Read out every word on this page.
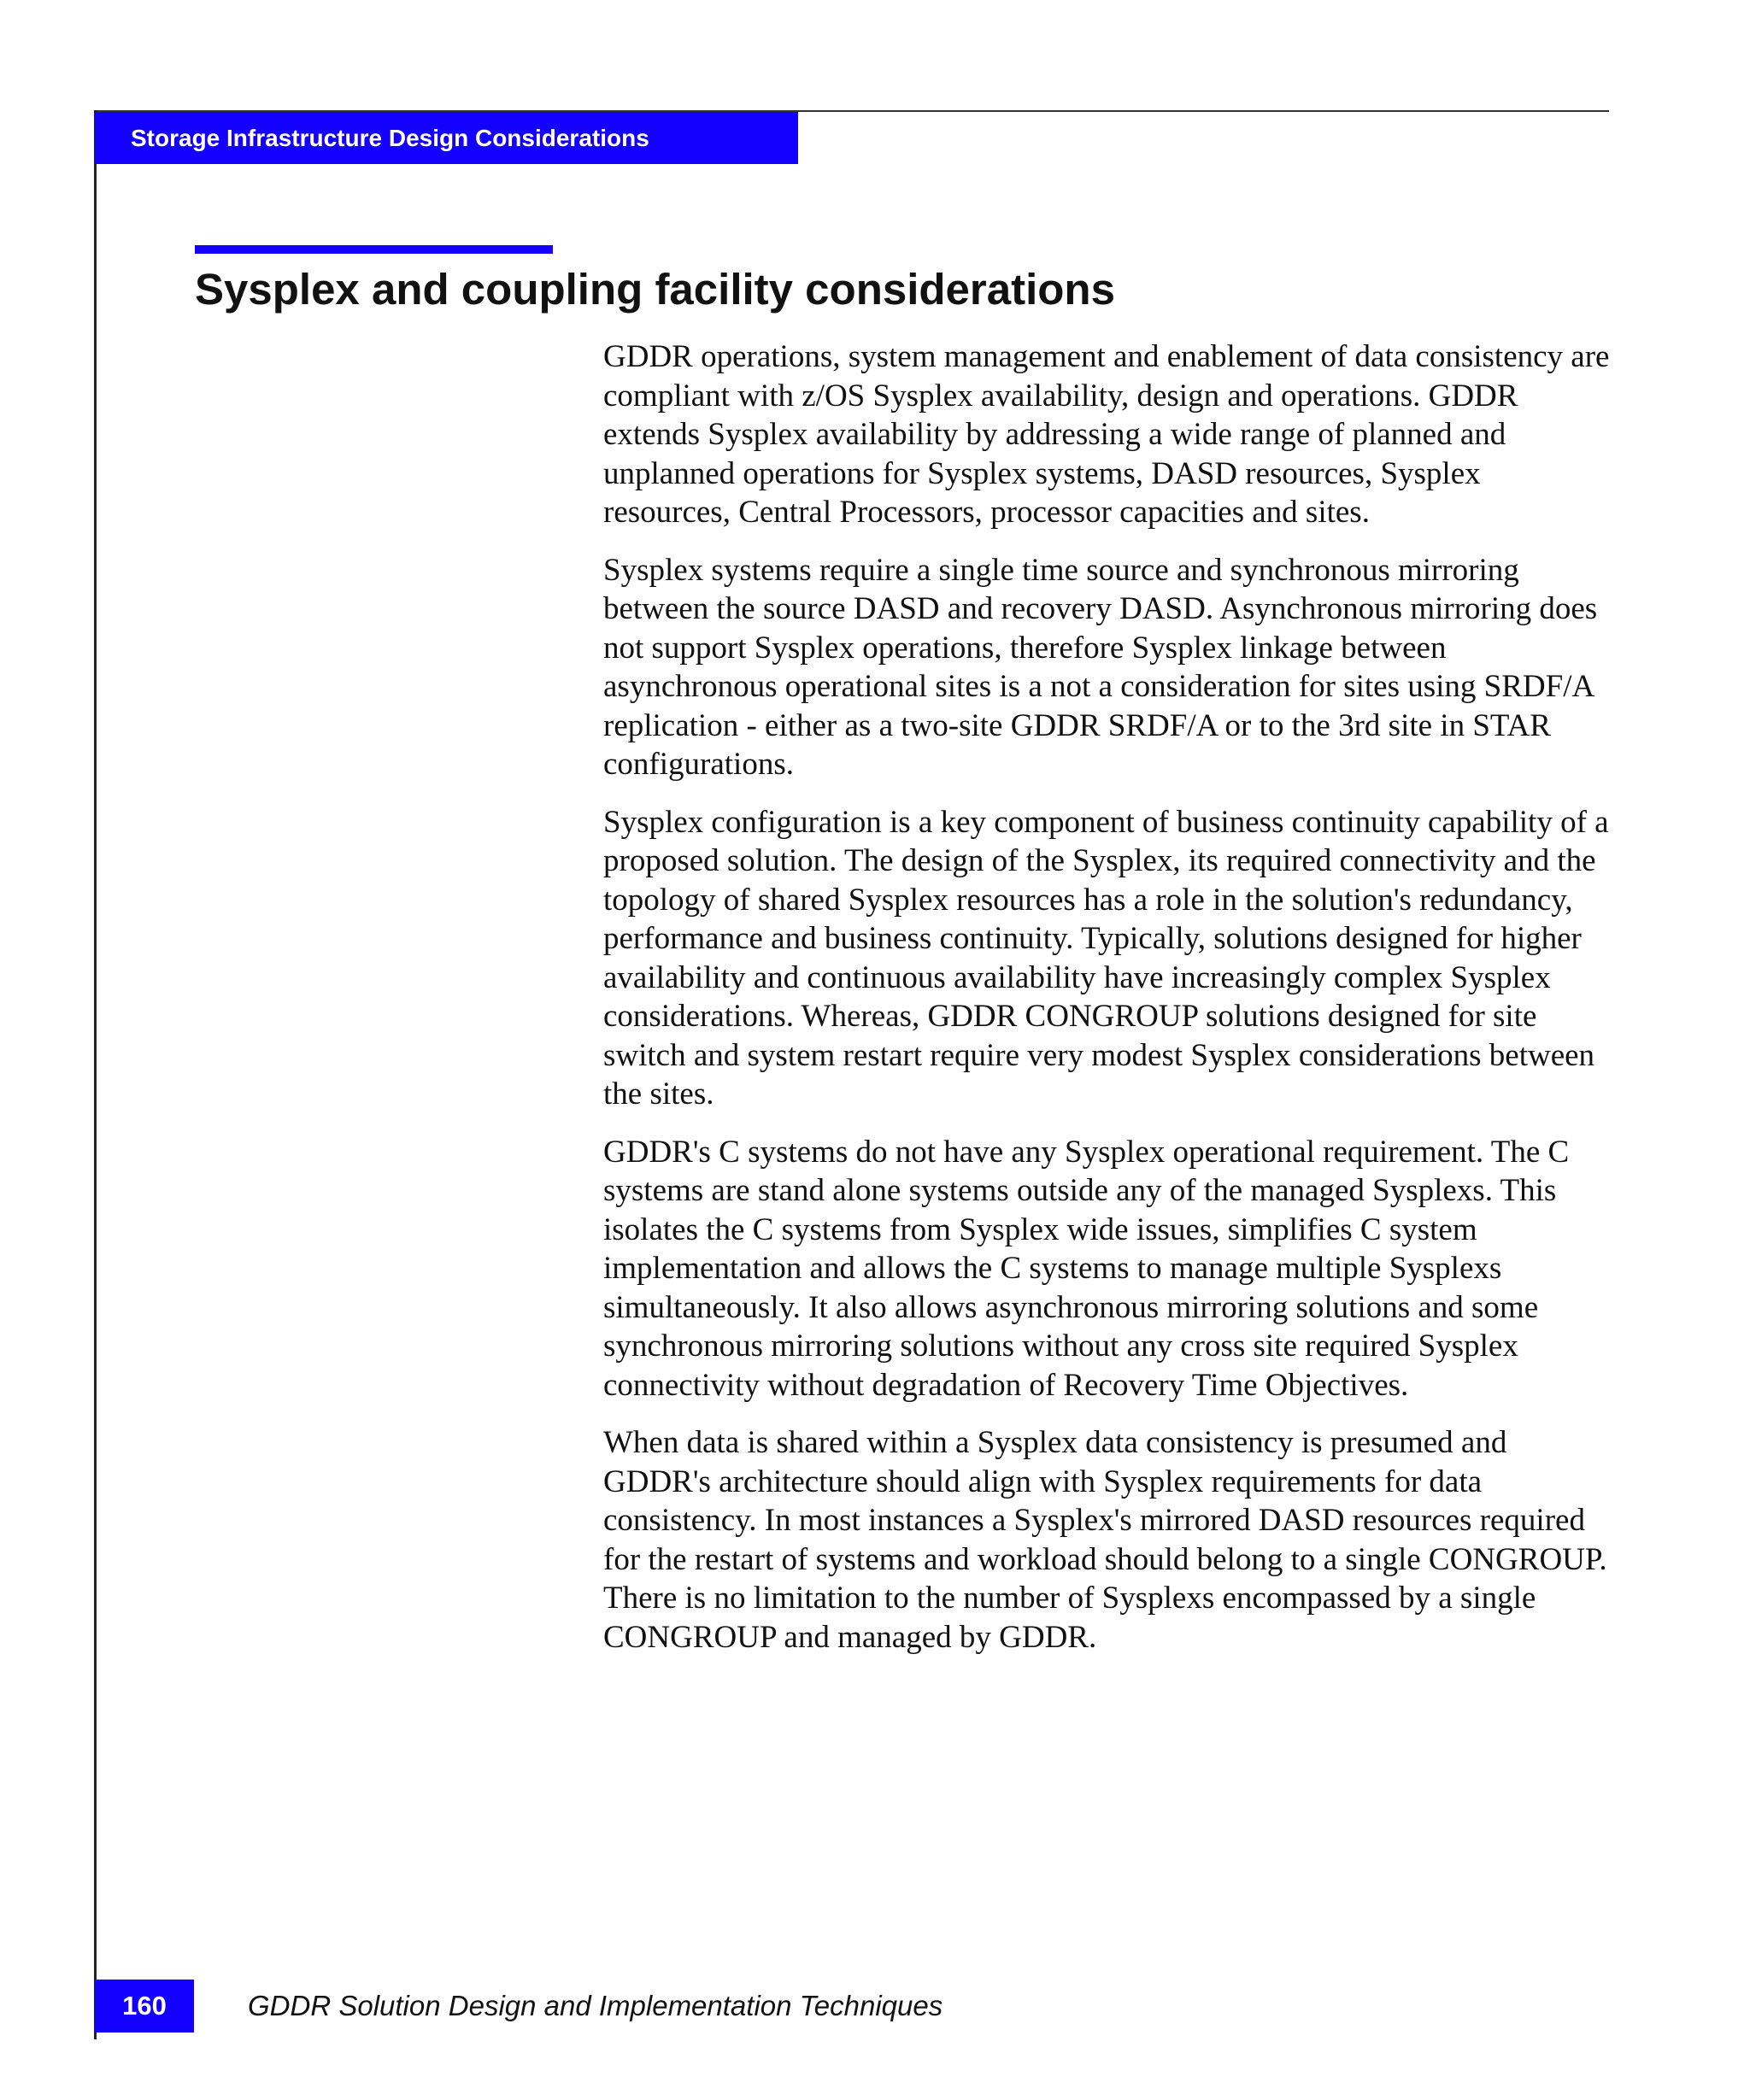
Storage Infrastructure Design Considerations
Sysplex and coupling facility considerations

GDDR operations, system management and enablement of data consistency are compliant with z/OS Sysplex availability, design and operations. GDDR extends Sysplex availability by addressing a wide range of planned and unplanned operations for Sysplex systems, DASD resources, Sysplex resources, Central Processors, processor capacities and sites.

Sysplex systems require a single time source and synchronous mirroring between the source DASD and recovery DASD. Asynchronous mirroring does not support Sysplex operations, therefore Sysplex linkage between asynchronous operational sites is a not a consideration for sites using SRDF/A replication - either as a two-site GDDR SRDF/A or to the 3rd site in STAR configurations.

Sysplex configuration is a key component of business continuity capability of a proposed solution. The design of the Sysplex, its required connectivity and the topology of shared Sysplex resources has a role in the solution's redundancy, performance and business continuity. Typically, solutions designed for higher availability and continuous availability have increasingly complex Sysplex considerations. Whereas, GDDR CONGROUP solutions designed for site switch and system restart require very modest Sysplex considerations between the sites.

GDDR's C systems do not have any Sysplex operational requirement. The C systems are stand alone systems outside any of the managed Sysplexs. This isolates the C systems from Sysplex wide issues, simplifies C system implementation and allows the C systems to manage multiple Sysplexs simultaneously. It also allows asynchronous mirroring solutions and some synchronous mirroring solutions without any cross site required Sysplex connectivity without degradation of Recovery Time Objectives.

When data is shared within a Sysplex data consistency is presumed and GDDR's architecture should align with Sysplex requirements for data consistency. In most instances a Sysplex's mirrored DASD resources required for the restart of systems and workload should belong to a single CONGROUP. There is no limitation to the number of Sysplexs encompassed by a single CONGROUP and managed by GDDR.

160	GDDR Solution Design and Implementation Techniques
